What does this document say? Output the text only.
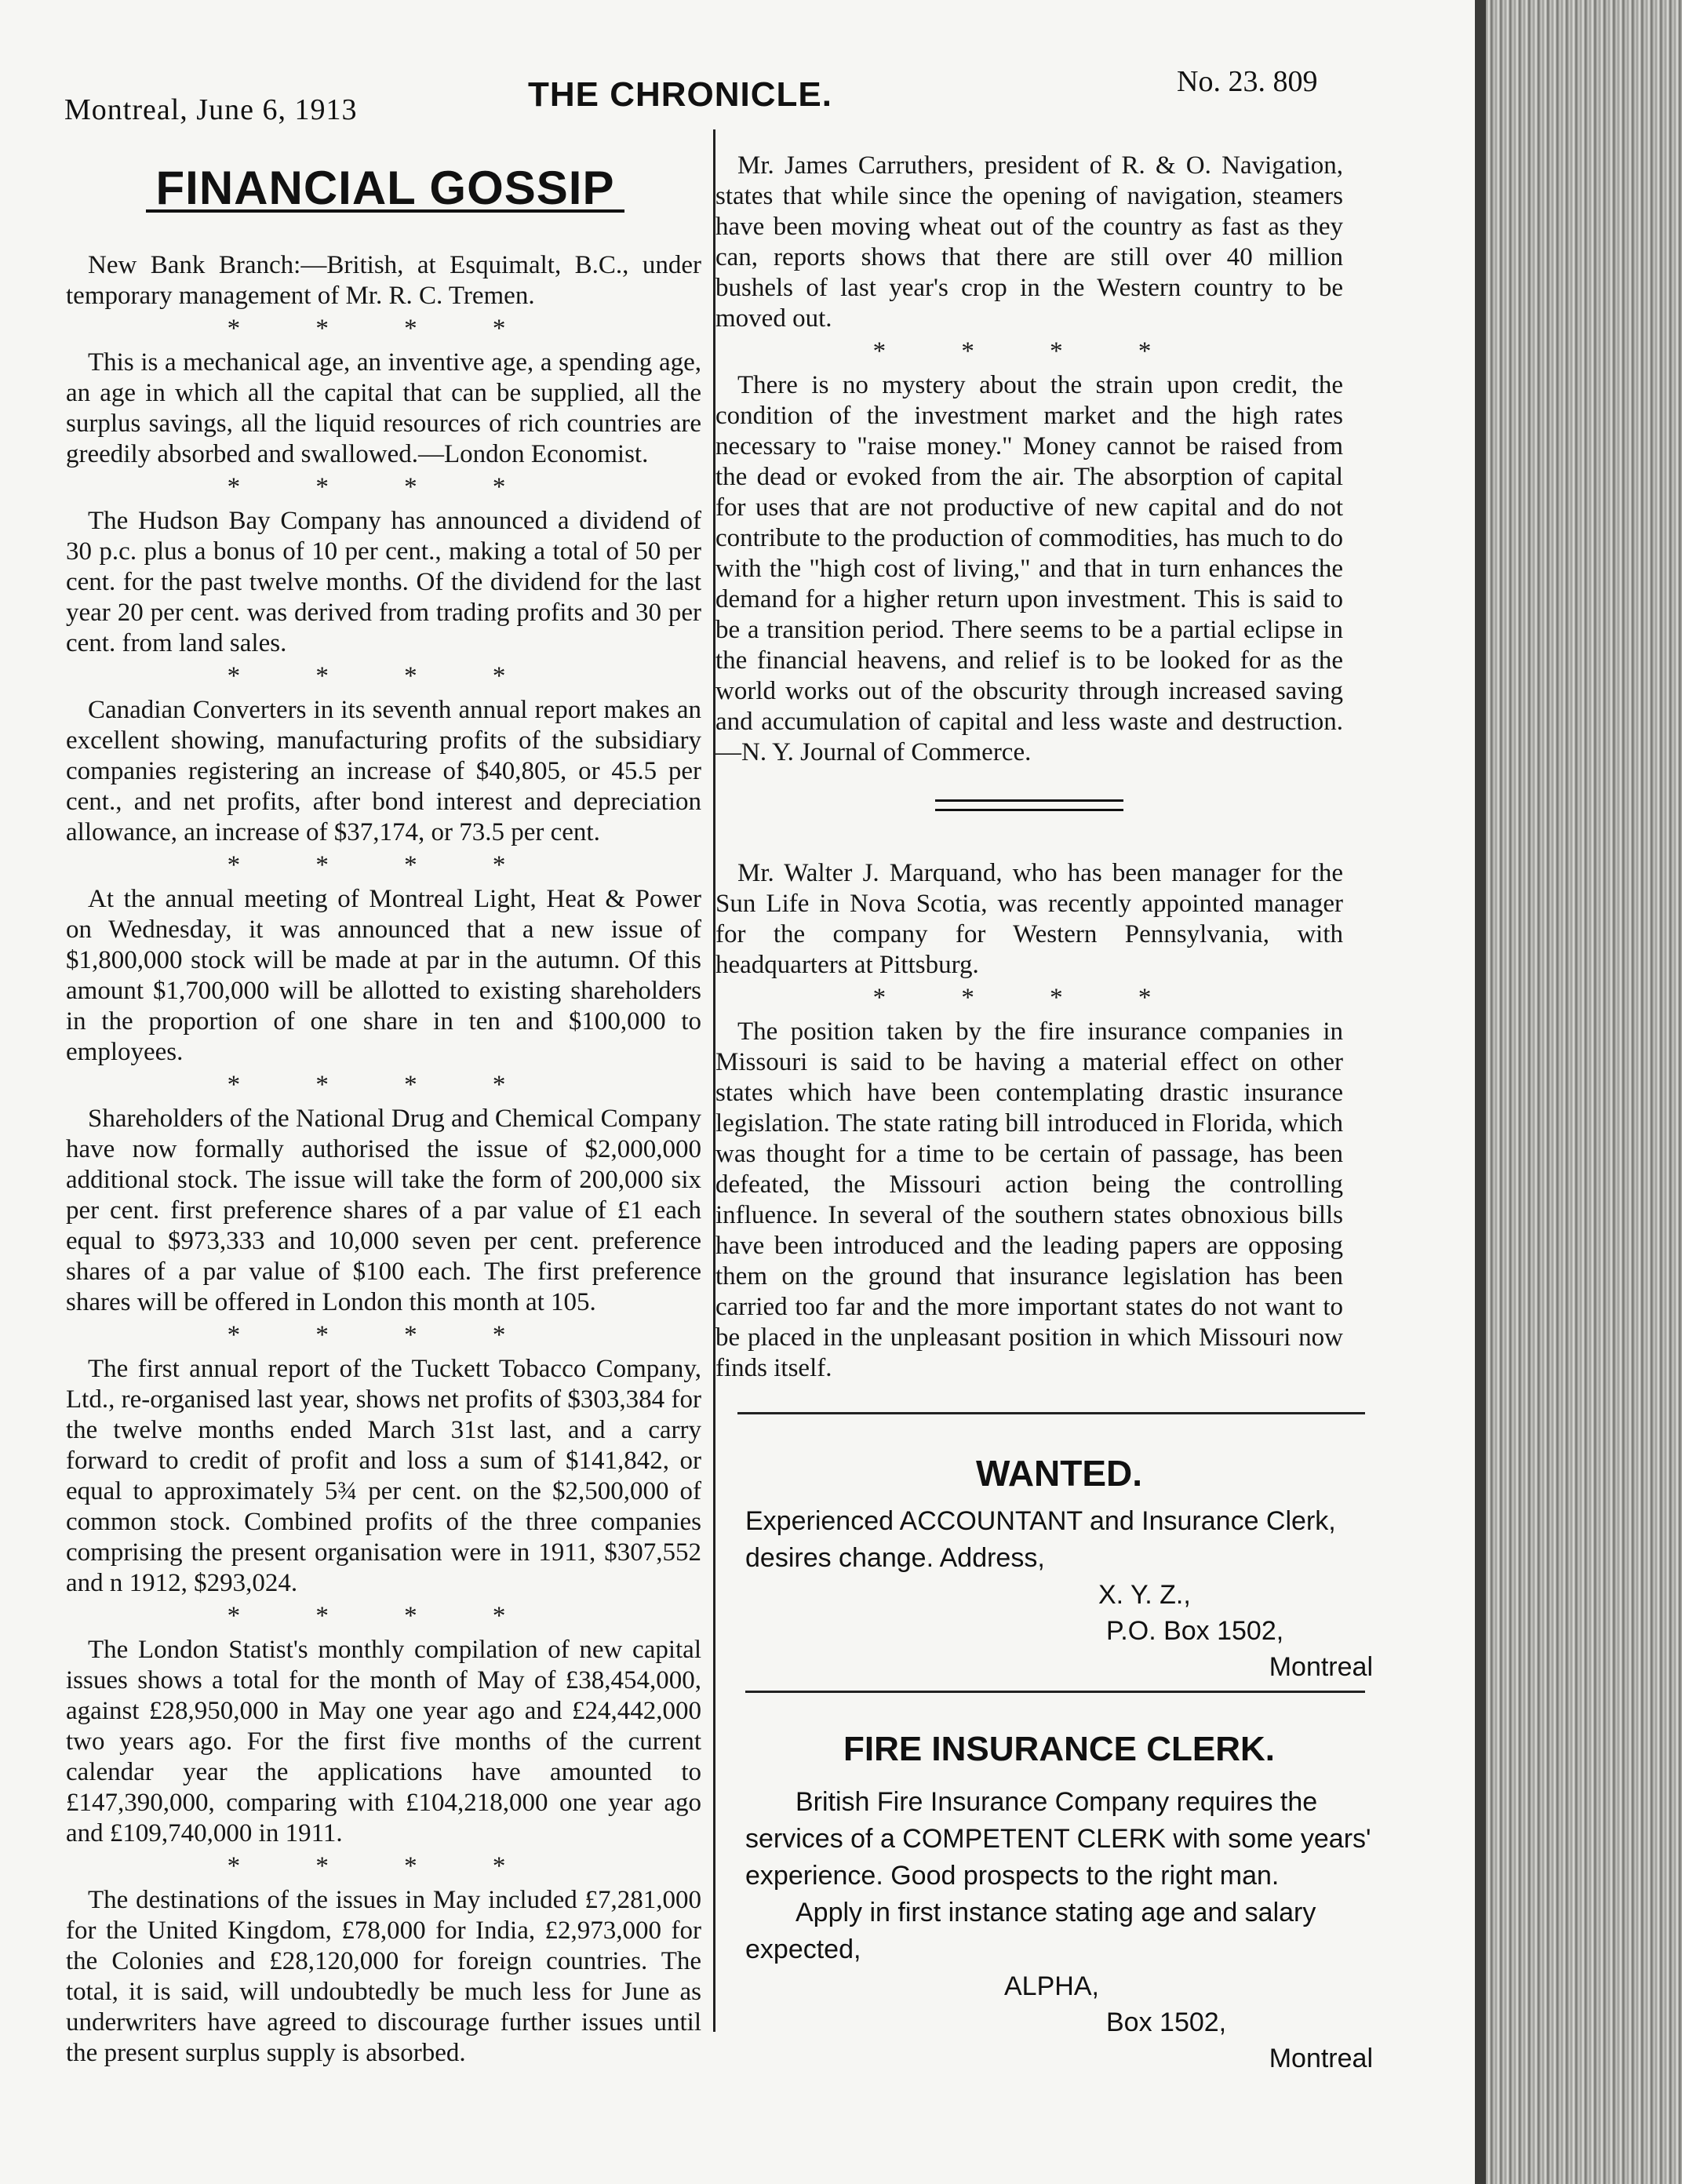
Montreal, June 6, 1913	THE CHRONICLE.	No. 23. 809
FINANCIAL GOSSIP

New Bank Branch:—British, at Esquimalt, B.C., under temporary management of Mr. R. C. Tremen.

* * * *

This is a mechanical age, an inventive age, a spending age, an age in which all the capital that can be supplied, all the surplus savings, all the liquid resources of rich countries are greedily absorbed and swallowed.—London Economist.

* * * *

The Hudson Bay Company has announced a dividend of 30 p.c. plus a bonus of 10 per cent., making a total of 50 per cent. for the past twelve months. Of the dividend for the last year 20 per cent. was derived from trading profits and 30 per cent. from land sales.

* * * *

Canadian Converters in its seventh annual report makes an excellent showing, manufacturing profits of the subsidiary companies registering an increase of $40,805, or 45.5 per cent., and net profits, after bond interest and depreciation allowance, an increase of $37,174, or 73.5 per cent.

* * * *

At the annual meeting of Montreal Light, Heat & Power on Wednesday, it was announced that a new issue of $1,800,000 stock will be made at par in the autumn. Of this amount $1,700,000 will be allotted to existing shareholders in the proportion of one share in ten and $100,000 to employees.

* * * *

Shareholders of the National Drug and Chemical Company have now formally authorised the issue of $2,000,000 additional stock. The issue will take the form of 200,000 six per cent. first preference shares of a par value of £1 each equal to $973,333 and 10,000 seven per cent. preference shares of a par value of $100 each. The first preference shares will be offered in London this month at 105.

* * * *

The first annual report of the Tuckett Tobacco Company, Ltd., re-organised last year, shows net profits of $303,384 for the twelve months ended March 31st last, and a carry forward to credit of profit and loss a sum of $141,842, or equal to approximately 5¾ per cent. on the $2,500,000 of common stock. Combined profits of the three companies comprising the present organisation were in 1911, $307,552 and n 1912, $293,024.

* * * *

The London Statist's monthly compilation of new capital issues shows a total for the month of May of £38,454,000, against £28,950,000 in May one year ago and £24,442,000 two years ago. For the first five months of the current calendar year the applications have amounted to £147,390,000, comparing with £104,218,000 one year ago and £109,740,000 in 1911.

* * * *

The destinations of the issues in May included £7,281,000 for the United Kingdom, £78,000 for India, £2,973,000 for the Colonies and £28,120,000 for foreign countries. The total, it is said, will undoubtedly be much less for June as underwriters have agreed to discourage further issues until the present surplus supply is absorbed.

Mr. James Carruthers, president of R. & O. Navigation, states that while since the opening of navigation, steamers have been moving wheat out of the country as fast as they can, reports shows that there are still over 40 million bushels of last year's crop in the Western country to be moved out.

* * * *

There is no mystery about the strain upon credit, the condition of the investment market and the high rates necessary to "raise money." Money cannot be raised from the dead or evoked from the air. The absorption of capital for uses that are not productive of new capital and do not contribute to the production of commodities, has much to do with the "high cost of living," and that in turn enhances the demand for a higher return upon investment. This is said to be a transition period. There seems to be a partial eclipse in the financial heavens, and relief is to be looked for as the world works out of the obscurity through increased saving and accumulation of capital and less waste and destruction.—N. Y. Journal of Commerce.

Mr. Walter J. Marquand, who has been manager for the Sun Life in Nova Scotia, was recently appointed manager for the company for Western Pennsylvania, with headquarters at Pittsburg.

* * * *

The position taken by the fire insurance companies in Missouri is said to be having a material effect on other states which have been contemplating drastic insurance legislation. The state rating bill introduced in Florida, which was thought for a time to be certain of passage, has been defeated, the Missouri action being the controlling influence. In several of the southern states obnoxious bills have been introduced and the leading papers are opposing them on the ground that insurance legislation has been carried too far and the more important states do not want to be placed in the unpleasant position in which Missouri now finds itself.

WANTED.

Experienced ACCOUNTANT and Insurance Clerk, desires change. Address,

X. Y. Z.,
P.O. Box 1502,
Montreal
FIRE INSURANCE CLERK.

British Fire Insurance Company requires the services of a COMPETENT CLERK with some years' experience. Good prospects to the right man.

Apply in first instance stating age and salary expected,

ALPHA,
Box 1502,
Montreal
